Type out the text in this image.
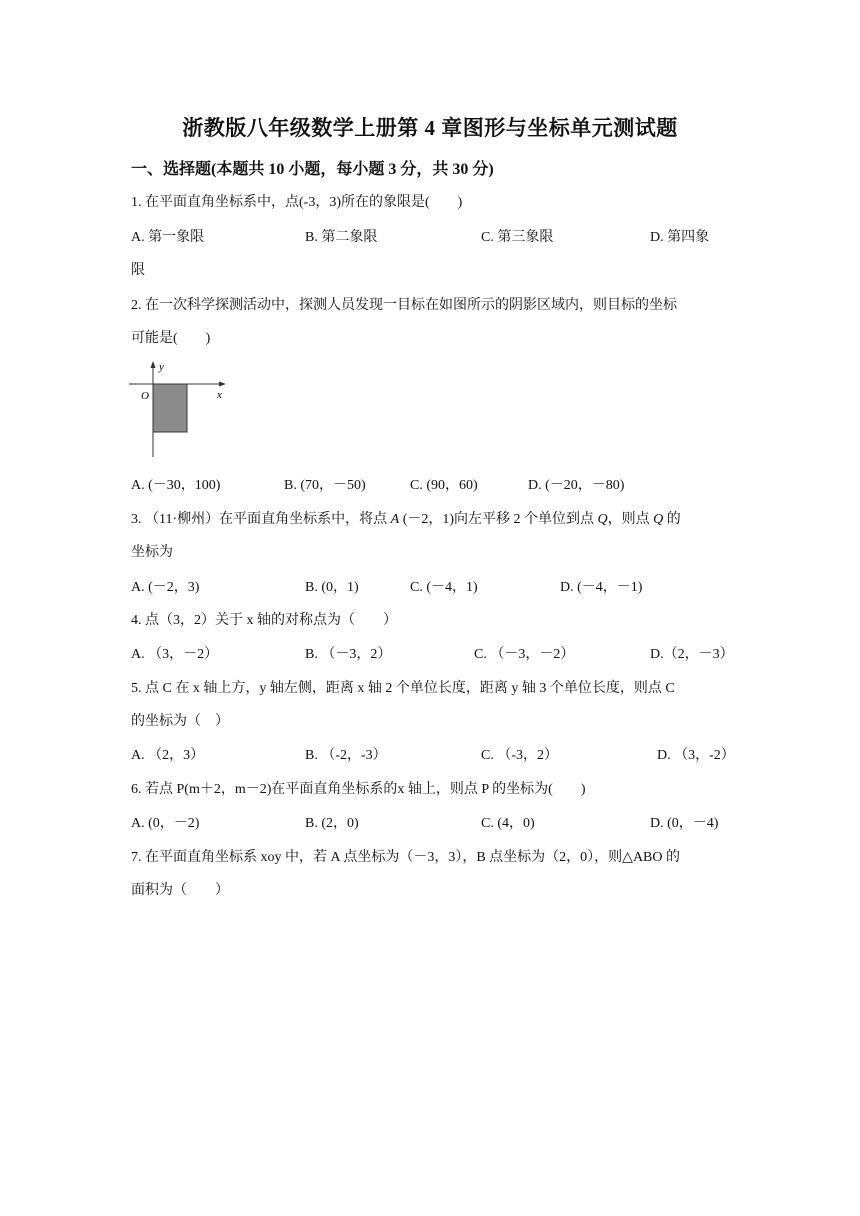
浙教版八年级数学上册第 4 章图形与坐标单元测试题
一、选择题(本题共 10 小题，每小题 3 分，共 30 分)
1. 在平面直角坐标系中，点(-3，3)所在的象限是(　　)
A. 第一象限	B. 第二象限	C. 第三象限	D. 第四象
限
2. 在一次科学探测活动中，探测人员发现一目标在如图所示的阴影区域内，则目标的坐标
可能是(　　)
y
x
O
A. (－30，100)	B. (70，－50)	C. (90，60)	D. (－20，－80)
3. （11·柳州）在平面直角坐标系中，将点 A (－2，1)向左平移 2 个单位到点 Q，则点 Q 的
坐标为
A. (－2，3)	B. (0，1)	C. (－4，1)	D. (－4，－1)
4. 点（3，2）关于 x 轴的对称点为（　　）
A. （3，－2）	B. （－3，2）	C. （－3，－2）	D.（2，－3）
5. 点 C 在 x 轴上方，y 轴左侧，距离 x 轴 2 个单位长度，距离 y 轴 3 个单位长度，则点 C
的坐标为（　）
A. （2，3）	B. （-2，-3）	C. （-3，2）	D. （3，-2）
6. 若点 P(m＋2，m－2)在平面直角坐标系的x 轴上，则点 P 的坐标为(　　)
A. (0，－2)	B. (2，0)	C. (4，0)	D. (0，－4)
7. 在平面直角坐标系 xoy 中，若 A 点坐标为（－3，3），B 点坐标为（2，0），则△ABO 的
面积为（　　）
